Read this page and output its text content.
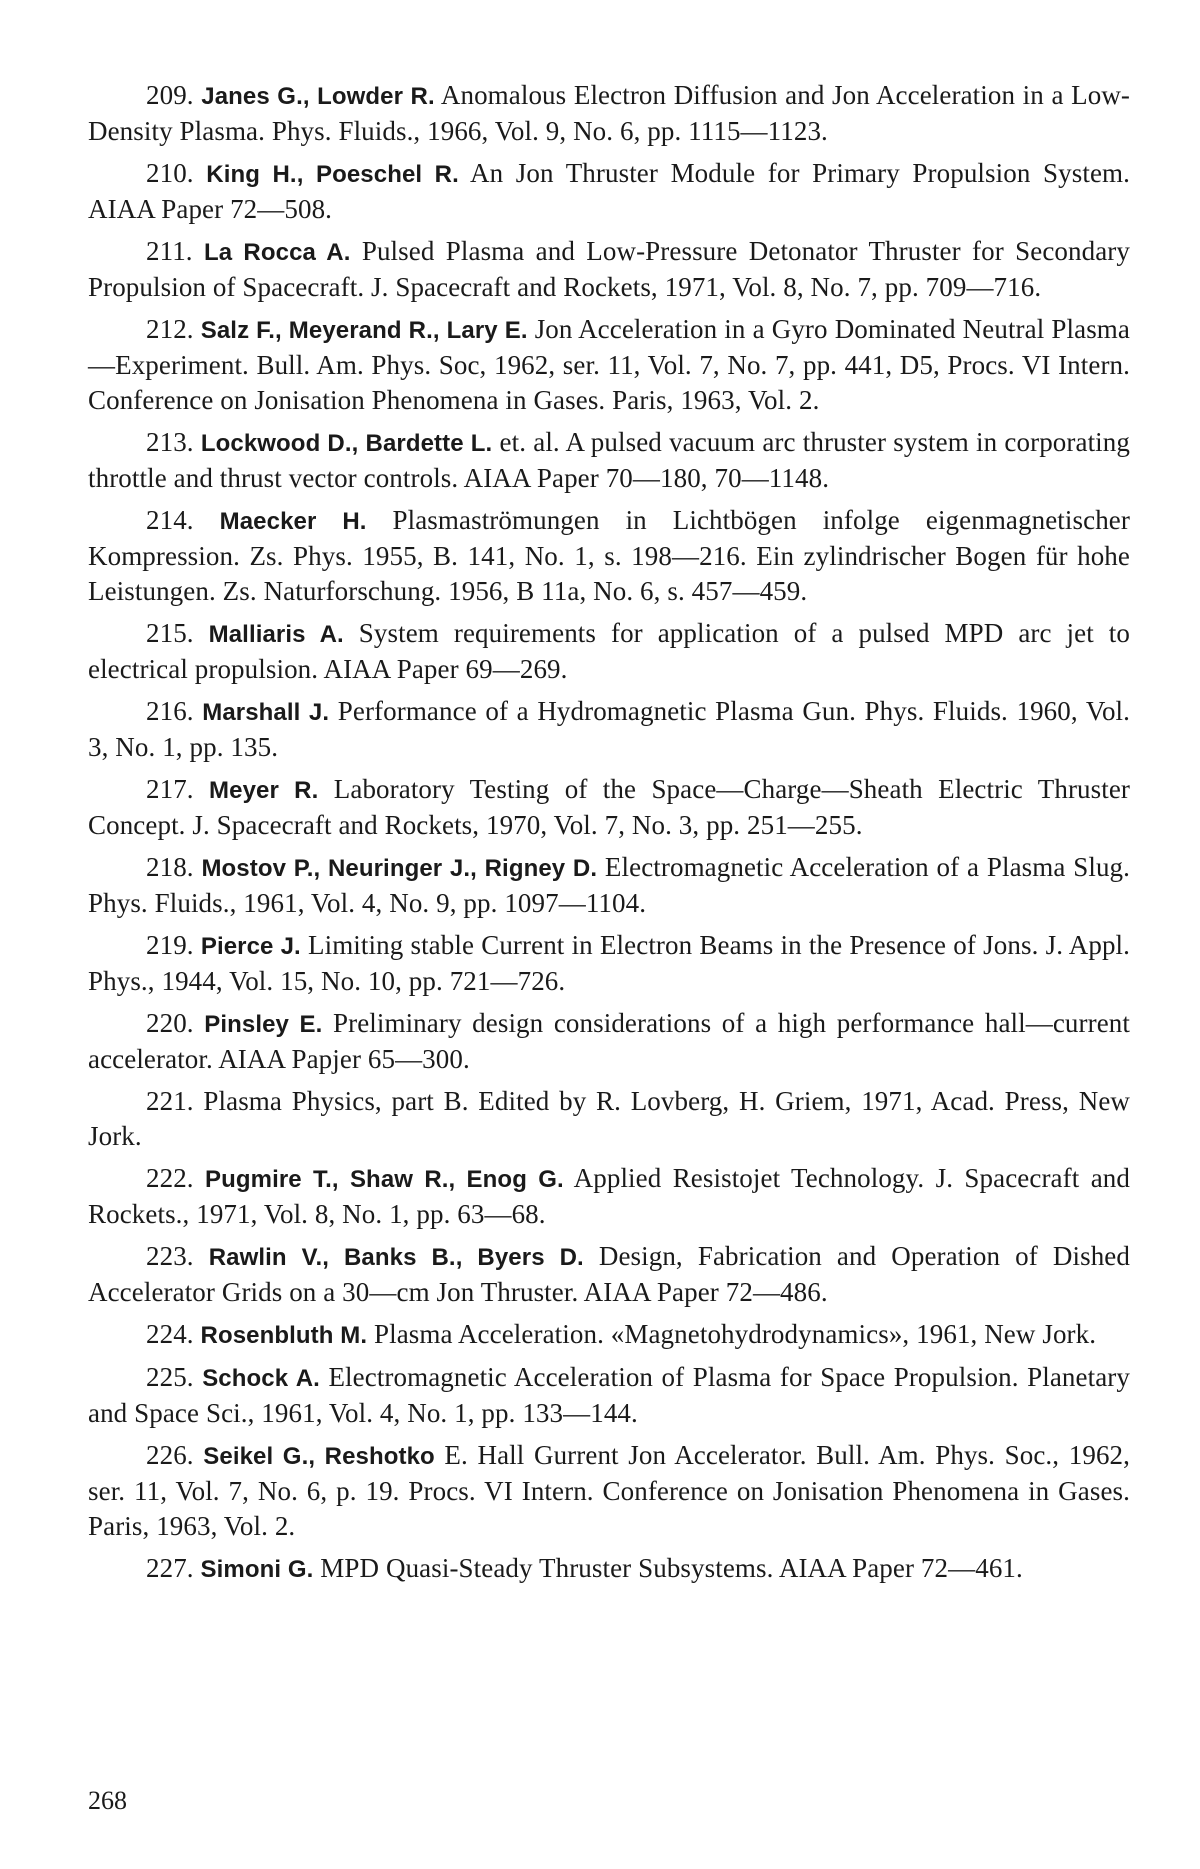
209. Janes G., Lowder R. Anomalous Electron Diffusion and Jon Acceleration in a Low-Density Plasma. Phys. Fluids., 1966, Vol. 9, No. 6, pp. 1115—1123.

210. King H., Poeschel R. An Jon Thruster Module for Primary Propulsion System. AIAA Paper 72—508.

211. La Rocca A. Pulsed Plasma and Low-Pressure Detonator Thruster for Secondary Propulsion of Spacecraft. J. Spacecraft and Rockets, 1971, Vol. 8, No. 7, pp. 709—716.

212. Salz F., Meyerand R., Lary E. Jon Acceleration in a Gyro Dominated Neutral Plasma—Experiment. Bull. Am. Phys. Soc, 1962, ser. 11, Vol. 7, No. 7, pp. 441, D5, Procs. VI Intern. Conference on Jonisation Phenomena in Gases. Paris, 1963, Vol. 2.

213. Lockwood D., Bardette L. et. al. A pulsed vacuum arc thruster system in corporating throttle and thrust vector controls. AIAA Paper 70—180, 70—1148.

214. Maecker H. Plasmaströmungen in Lichtbögen infolge eigenmagnetischer Kompression. Zs. Phys. 1955, B. 141, No. 1, s. 198—216. Ein zylindrischer Bogen für hohe Leistungen. Zs. Naturforschung. 1956, B 11a, No. 6, s. 457—459.

215. Malliaris A. System requirements for application of a pulsed MPD arc jet to electrical propulsion. AIAA Paper 69—269.

216. Marshall J. Performance of a Hydromagnetic Plasma Gun. Phys. Fluids. 1960, Vol. 3, No. 1, pp. 135.

217. Meyer R. Laboratory Testing of the Space—Charge—Sheath Electric Thruster Concept. J. Spacecraft and Rockets, 1970, Vol. 7, No. 3, pp. 251—255.

218. Mostov P., Neuringer J., Rigney D. Electromagnetic Acceleration of a Plasma Slug. Phys. Fluids., 1961, Vol. 4, No. 9, pp. 1097—1104.

219. Pierce J. Limiting stable Current in Electron Beams in the Presence of Jons. J. Appl. Phys., 1944, Vol. 15, No. 10, pp. 721—726.

220. Pinsley E. Preliminary design considerations of a high performance hall—current accelerator. AIAA Papjer 65—300.

221. Plasma Physics, part B. Edited by R. Lovberg, H. Griem, 1971, Acad. Press, New Jork.

222. Pugmire T., Shaw R., Enog G. Applied Resistojet Technology. J. Spacecraft and Rockets., 1971, Vol. 8, No. 1, pp. 63—68.

223. Rawlin V., Banks B., Byers D. Design, Fabrication and Operation of Dished Accelerator Grids on a 30—cm Jon Thruster. AIAA Paper 72—486.

224. Rosenbluth M. Plasma Acceleration. «Magnetohydrodynamics», 1961, New Jork.

225. Schock A. Electromagnetic Acceleration of Plasma for Space Propulsion. Planetary and Space Sci., 1961, Vol. 4, No. 1, pp. 133—144.

226. Seikel G., Reshotko E. Hall Gurrent Jon Accelerator. Bull. Am. Phys. Soc., 1962, ser. 11, Vol. 7, No. 6, p. 19. Procs. VI Intern. Conference on Jonisation Phenomena in Gases. Paris, 1963, Vol. 2.

227. Simoni G. MPD Quasi-Steady Thruster Subsystems. AIAA Paper 72—461.

268
